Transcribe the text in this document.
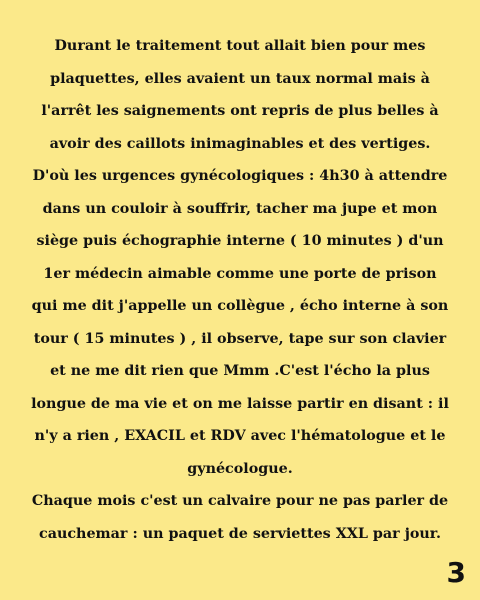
Durant le traitement tout allait bien pour mes
plaquettes, elles avaient un taux normal mais à
l'arrêt les saignements ont repris de plus belles à
avoir des caillots inimaginables et des vertiges.
D'où les urgences gynécologiques : 4h30 à attendre
dans un couloir à souffrir, tacher ma jupe et mon
siège puis échographie interne ( 10 minutes ) d'un
1er médecin aimable comme une porte de prison
qui me dit j'appelle un collègue , écho interne à son
tour ( 15 minutes ) , il observe, tape sur son clavier
et ne me dit rien que Mmm .C'est l'écho la plus
longue de ma vie et on me laisse partir en disant : il
n'y a rien , EXACIL et RDV avec l'hématologue et le
gynécologue.
Chaque mois c'est un calvaire pour ne pas parler de
cauchemar : un paquet de serviettes XXL par jour.
3
